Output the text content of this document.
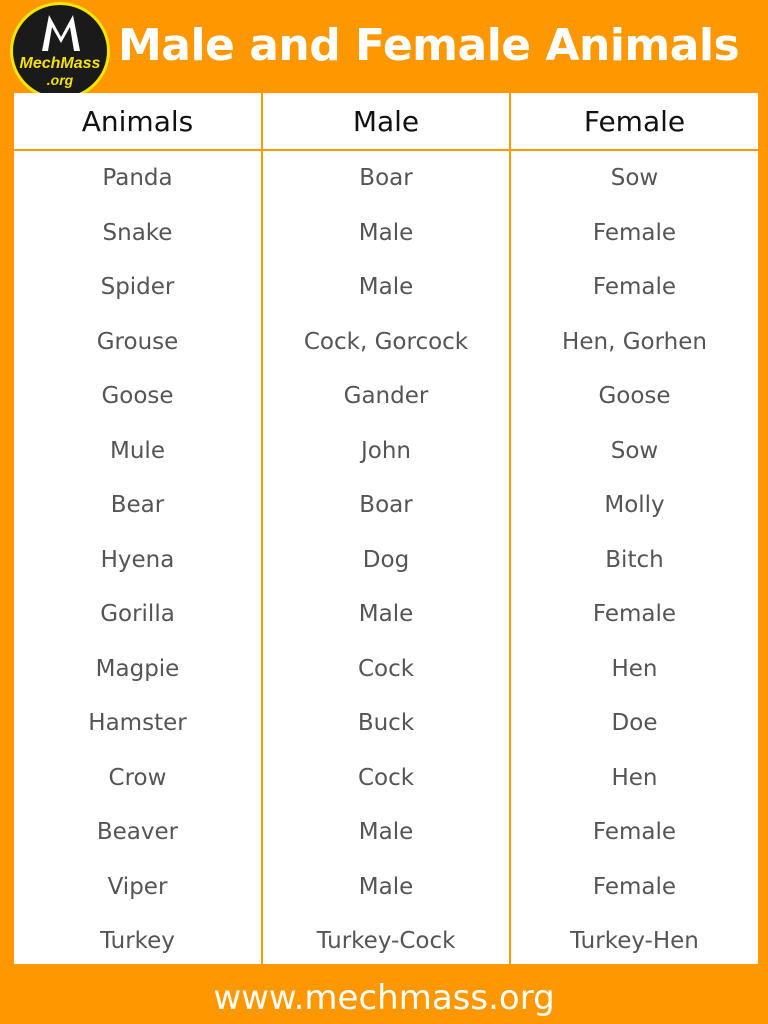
MechMass
.org
Male and Female Animals
Animals	Male	Female
Panda	Boar	Sow
Snake	Male	Female
Spider	Male	Female
Grouse	Cock, Gorcock	Hen, Gorhen
Goose	Gander	Goose
Mule	John	Sow
Bear	Boar	Molly
Hyena	Dog	Bitch
Gorilla	Male	Female
Magpie	Cock	Hen
Hamster	Buck	Doe
Crow	Cock	Hen
Beaver	Male	Female
Viper	Male	Female
Turkey	Turkey-Cock	Turkey-Hen
www.mechmass.org
